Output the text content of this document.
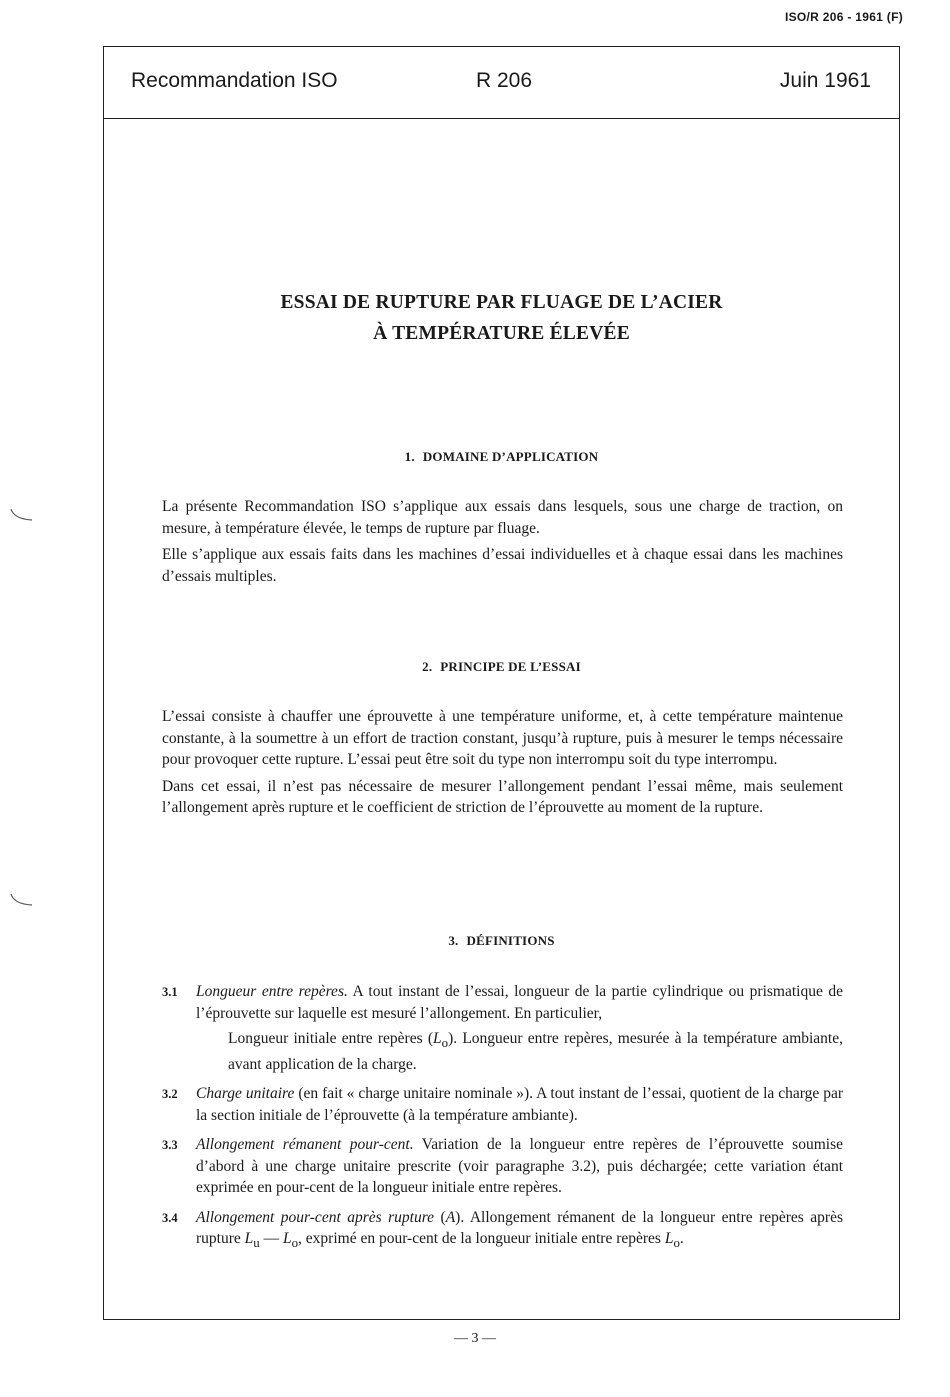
ISO/R 206 - 1961 (F)
Recommandation ISO	R 206	Juin 1961
ESSAI DE RUPTURE PAR FLUAGE DE L’ACIER
À TEMPÉRATURE ÉLEVÉE
1. DOMAINE D’APPLICATION

La présente Recommandation ISO s’applique aux essais dans lesquels, sous une charge de traction, on mesure, à température élevée, le temps de rupture par fluage.

Elle s’applique aux essais faits dans les machines d’essai individuelles et à chaque essai dans les machines d’essais multiples.

2. PRINCIPE DE L’ESSAI

L’essai consiste à chauffer une éprouvette à une température uniforme, et, à cette température maintenue constante, à la soumettre à un effort de traction constant, jusqu’à rupture, puis à mesurer le temps nécessaire pour provoquer cette rupture. L’essai peut être soit du type non interrompu soit du type interrompu.

Dans cet essai, il n’est pas nécessaire de mesurer l’allongement pendant l’essai même, mais seulement l’allongement après rupture et le coefficient de striction de l’éprouvette au moment de la rupture.

3. DÉFINITIONS
3.1 Longueur entre repères. A tout instant de l’essai, longueur de la partie cylindrique ou prismatique de l’éprouvette sur laquelle est mesuré l’allongement. En particulier,
Longueur initiale entre repères $(L_o)$. Longueur entre repères, mesurée à la température ambiante, avant application de la charge.
3.2 Charge unitaire (en fait « charge unitaire nominale »). A tout instant de l’essai, quotient de la charge par la section initiale de l’éprouvette (à la température ambiante).
3.3 Allongement rémanent pour-cent. Variation de la longueur entre repères de l’éprouvette soumise d’abord à une charge unitaire prescrite (voir paragraphe 3.2), puis déchargée; cette variation étant exprimée en pour-cent de la longueur initiale entre repères.
3.4 Allongement pour-cent après rupture (A). Allongement rémanent de la longueur entre repères après rupture $L_u$ — $L_o$, exprimé en pour-cent de la longueur initiale entre repères $L_o$.
— 3 —
